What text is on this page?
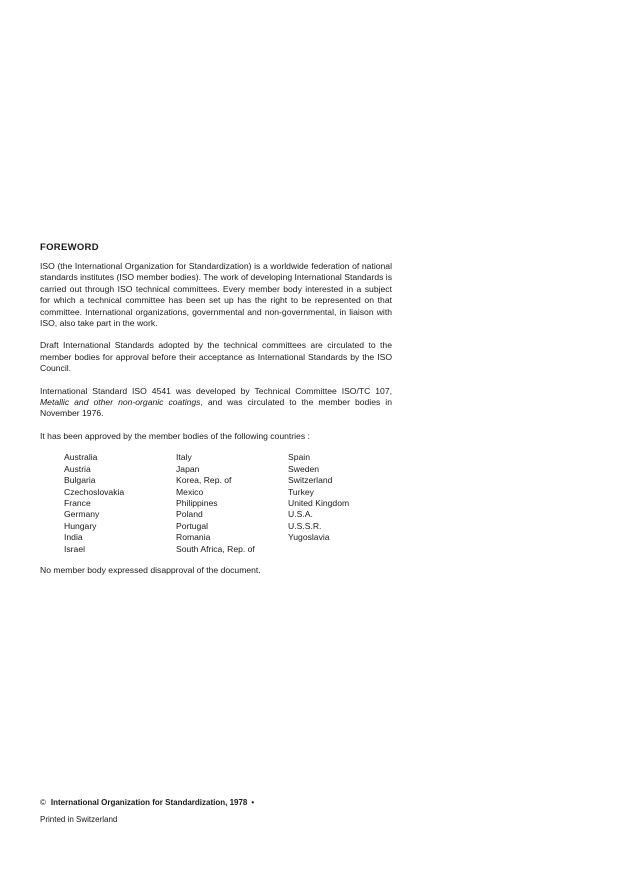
FOREWORD

ISO (the International Organization for Standardization) is a worldwide federation of national standards institutes (ISO member bodies). The work of developing International Standards is carried out through ISO technical committees. Every member body interested in a subject for which a technical committee has been set up has the right to be represented on that committee. International organizations, governmental and non-governmental, in liaison with ISO, also take part in the work.

Draft International Standards adopted by the technical committees are circulated to the member bodies for approval before their acceptance as International Standards by the ISO Council.

International Standard ISO 4541 was developed by Technical Committee ISO/TC 107, Metallic and other non-organic coatings, and was circulated to the member bodies in November 1976.

It has been approved by the member bodies of the following countries :

Australia
Austria
Bulgaria
Czechoslovakia
France
Germany
Hungary
India
Israel
Italy
Japan
Korea, Rep. of
Mexico
Philippines
Poland
Portugal
Romania
South Africa, Rep. of
Spain
Sweden
Switzerland
Turkey
United Kingdom
U.S.A.
U.S.S.R.
Yugoslavia

No member body expressed disapproval of the document.

© International Organization for Standardization, 1978 •
Printed in Switzerland
